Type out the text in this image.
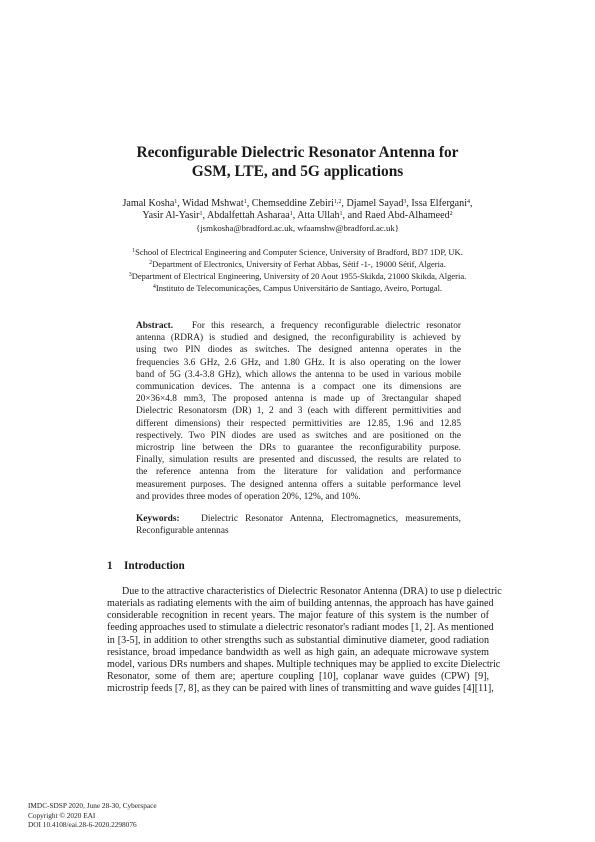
Reconfigurable Dielectric Resonator Antenna for
GSM, LTE, and 5G applications
Jamal Kosha$^1$, Widad Mshwat$^1$, Chemseddine Zebiri$^{1,2}$, Djamel Sayad$^3$, Issa Elfergani$^4$,
Yasir Al-Yasir$^1$, Abdalfettah Asharaa$^1$, Atta Ullah$^1$, and Raed Abd-Alhameed$^2$
{jsmkosha@bradford.ac.uk, wfaamshw@bradford.ac.uk}
$^1$School of Electrical Engineering and Computer Science, University of Bradford, BD7 1DP, UK.
$^2$Department of Electronics, University of Ferhat Abbas, Sétif -1-, 19000 Sétif, Algeria.
$^3$Department of Electrical Engineering, University of 20 Aout 1955-Skikda, 21000 Skikda, Algeria.
$^4$Instituto de Telecomunicações, Campus Universitário de Santiago, Aveiro, Portugal.
Abstract. For this research, a frequency reconfigurable dielectric resonator
antenna (RDRA) is studied and designed, the reconfigurability is achieved by
using two PIN diodes as switches. The designed antenna operates in the
frequencies 3.6 GHz, 2.6 GHz, and 1.80 GHz. It is also operating on the lower
band of 5G (3.4-3.8 GHz), which allows the antenna to be used in various mobile
communication devices. The antenna is a compact one its dimensions are
20×36×4.8 mm3, The proposed antenna is made up of 3rectangular shaped
Dielectric Resonatorsm (DR) 1, 2 and 3 (each with different permittivities and
different dimensions) their respected permittivities are 12.85, 1.96 and 12.85
respectively. Two PIN diodes are used as switches and are positioned on the
microstrip line between the DRs to guarantee the reconfigurability purpose.
Finally, simulation results are presented and discussed, the results are related to
the reference antenna from the literature for validation and performance
measurement purposes. The designed antenna offers a suitable performance level
and provides three modes of operation 20%, 12%, and 10%.
Keywords: Dielectric Resonator Antenna, Electromagnetics, measurements,
Reconfigurable antennas
1 Introduction
Due to the attractive characteristics of Dielectric Resonator Antenna (DRA) to use p dielectric
materials as radiating elements with the aim of building antennas, the approach has have gained
considerable recognition in recent years. The major feature of this system is the number of
feeding approaches used to stimulate a dielectric resonator's radiant modes [1, 2]. As mentioned
in [3-5], in addition to other strengths such as substantial diminutive diameter, good radiation
resistance, broad impedance bandwidth as well as high gain, an adequate microwave system
model, various DRs numbers and shapes. Multiple techniques may be applied to excite Dielectric
Resonator, some of them are; aperture coupling [10], coplanar wave guides (CPW) [9],
microstrip feeds [7, 8], as they can be paired with lines of transmitting and wave guides [4][11],
IMDC-SDSP 2020, June 28-30, Cyberspace
Copyright © 2020 EAI
DOI 10.4108/eai.28-6-2020.2298076
